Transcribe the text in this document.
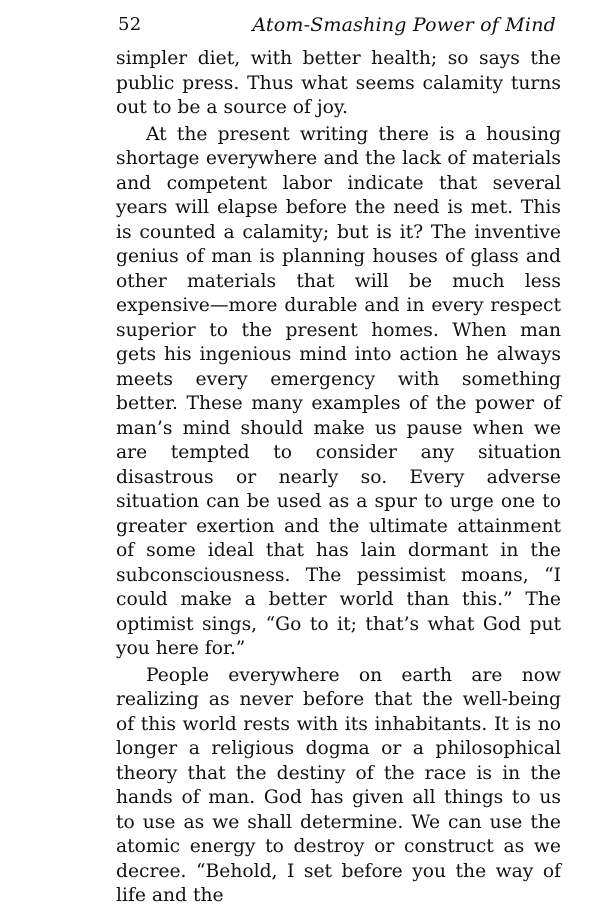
52	Atom-Smashing Power of Mind

simpler diet, with better health; so says the public press. Thus what seems calamity turns out to be a source of joy.

At the present writing there is a housing shortage everywhere and the lack of materials and competent labor indicate that several years will elapse before the need is met. This is counted a calamity; but is it? The inventive genius of man is planning houses of glass and other materials that will be much less expensive—more durable and in every respect superior to the present homes. When man gets his ingenious mind into action he always meets every emergency with something better. These many examples of the power of man’s mind should make us pause when we are tempted to consider any situation disastrous or nearly so. Every adverse situation can be used as a spur to urge one to greater exertion and the ultimate attainment of some ideal that has lain dormant in the subconsciousness. The pessimist moans, “I could make a better world than this.” The optimist sings, “Go to it; that’s what God put you here for.”

People everywhere on earth are now realizing as never before that the well-being of this world rests with its inhabitants. It is no longer a religious dogma or a philosophical theory that the destiny of the race is in the hands of man. God has given all things to us to use as we shall determine. We can use the atomic energy to destroy or construct as we decree. “Behold, I set before you the way of life and the
